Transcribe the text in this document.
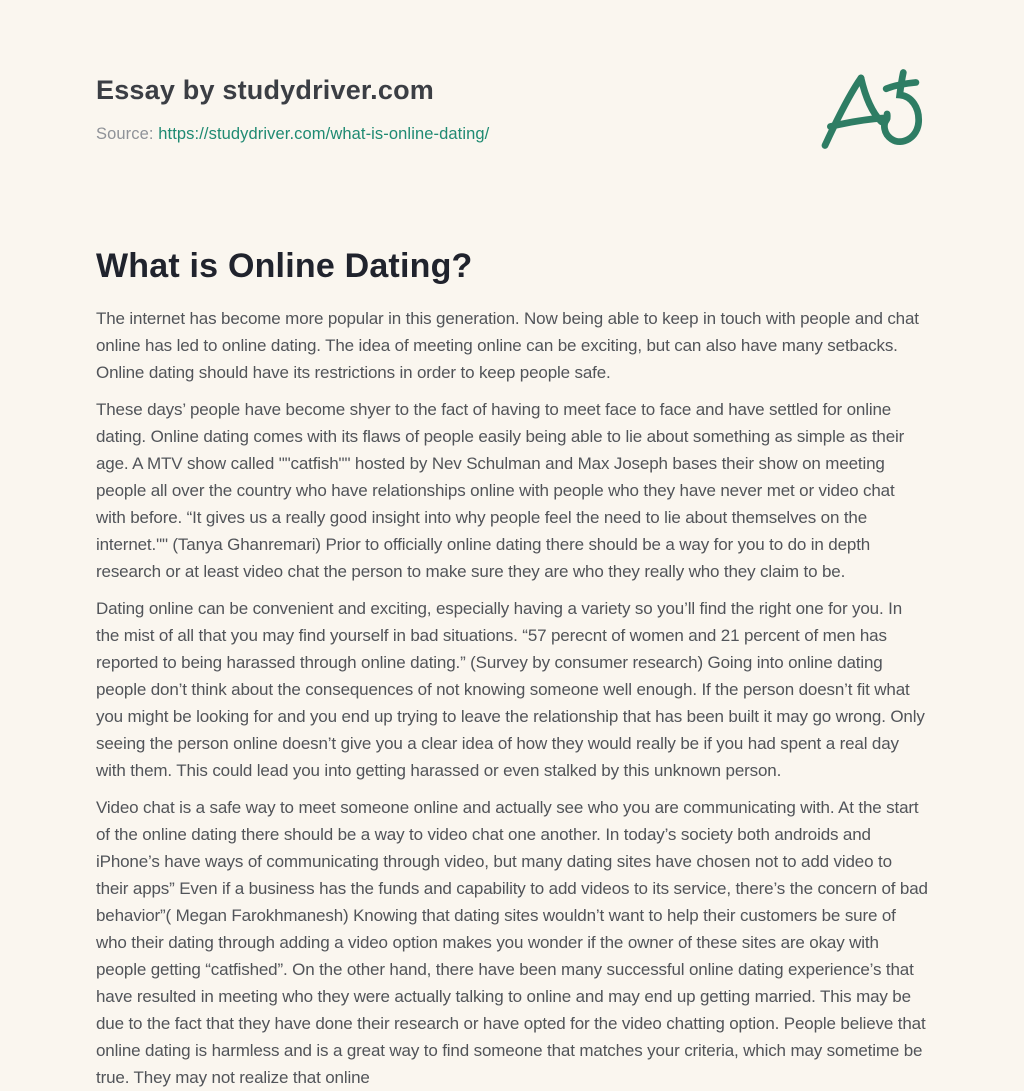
Essay by studydriver.com
Source: https://studydriver.com/what-is-online-dating/
What is Online Dating?

The internet has become more popular in this generation. Now being able to keep in touch with people and chat online has led to online dating. The idea of meeting online can be exciting, but can also have many setbacks. Online dating should have its restrictions in order to keep people safe.

These days’ people have become shyer to the fact of having to meet face to face and have settled for online dating. Online dating comes with its flaws of people easily being able to lie about something as simple as their age. A MTV show called ""catfish"" hosted by Nev Schulman and Max Joseph bases their show on meeting people all over the country who have relationships online with people who they have never met or video chat with before. “It gives us a really good insight into why people feel the need to lie about themselves on the internet."" (Tanya Ghanremari) Prior to officially online dating there should be a way for you to do in depth research or at least video chat the person to make sure they are who they really who they claim to be.

Dating online can be convenient and exciting, especially having a variety so you’ll find the right one for you. In the mist of all that you may find yourself in bad situations. “57 perecnt of women and 21 percent of men has reported to being harassed through online dating.” (Survey by consumer research) Going into online dating people don’t think about the consequences of not knowing someone well enough. If the person doesn’t fit what you might be looking for and you end up trying to leave the relationship that has been built it may go wrong. Only seeing the person online doesn’t give you a clear idea of how they would really be if you had spent a real day with them. This could lead you into getting harassed or even stalked by this unknown person.

Video chat is a safe way to meet someone online and actually see who you are communicating with. At the start of the online dating there should be a way to video chat one another. In today’s society both androids and iPhone’s have ways of communicating through video, but many dating sites have chosen not to add video to their apps” Even if a business has the funds and capability to add videos to its service, there’s the concern of bad behavior”( Megan Farokhmanesh) Knowing that dating sites wouldn’t want to help their customers be sure of who their dating through adding a video option makes you wonder if the owner of these sites are okay with people getting “catfished”. On the other hand, there have been many successful online dating experience’s that have resulted in meeting who they were actually talking to online and may end up getting married. This may be due to the fact that they have done their research or have opted for the video chatting option. People believe that online dating is harmless and is a great way to find someone that matches your criteria, which may sometime be true. They may not realize that online
